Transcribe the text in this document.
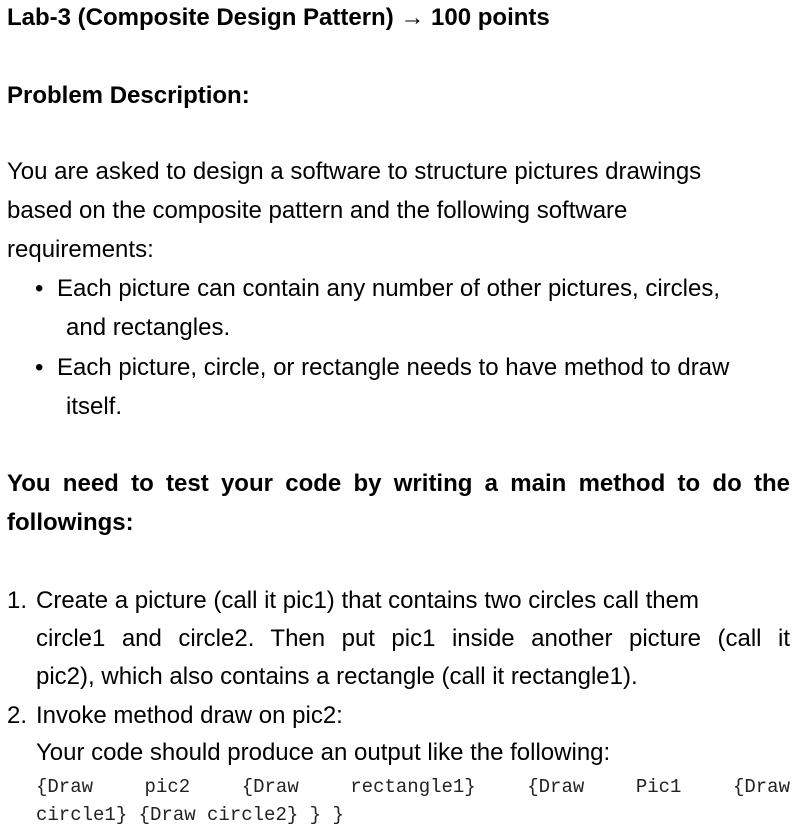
Lab-3 (Composite Design Pattern) → 100 points
Problem Description:
You are asked to design a software to structure pictures drawings
based on the composite pattern and the following software
requirements:
• Each picture can contain any number of other pictures, circles,
and rectangles.
• Each picture, circle, or rectangle needs to have method to draw
itself.
You need to test your code by writing a main method to do the
followings:
1. Create a picture (call it pic1) that contains two circles call them
circle1 and circle2. Then put pic1 inside another picture (call it
pic2), which also contains a rectangle (call it rectangle1).
2. Invoke method draw on pic2:
Your code should produce an output like the following:
{Draw pic2 {Draw rectangle1} {Draw Pic1 {Draw
circle1} {Draw circle2} } }
